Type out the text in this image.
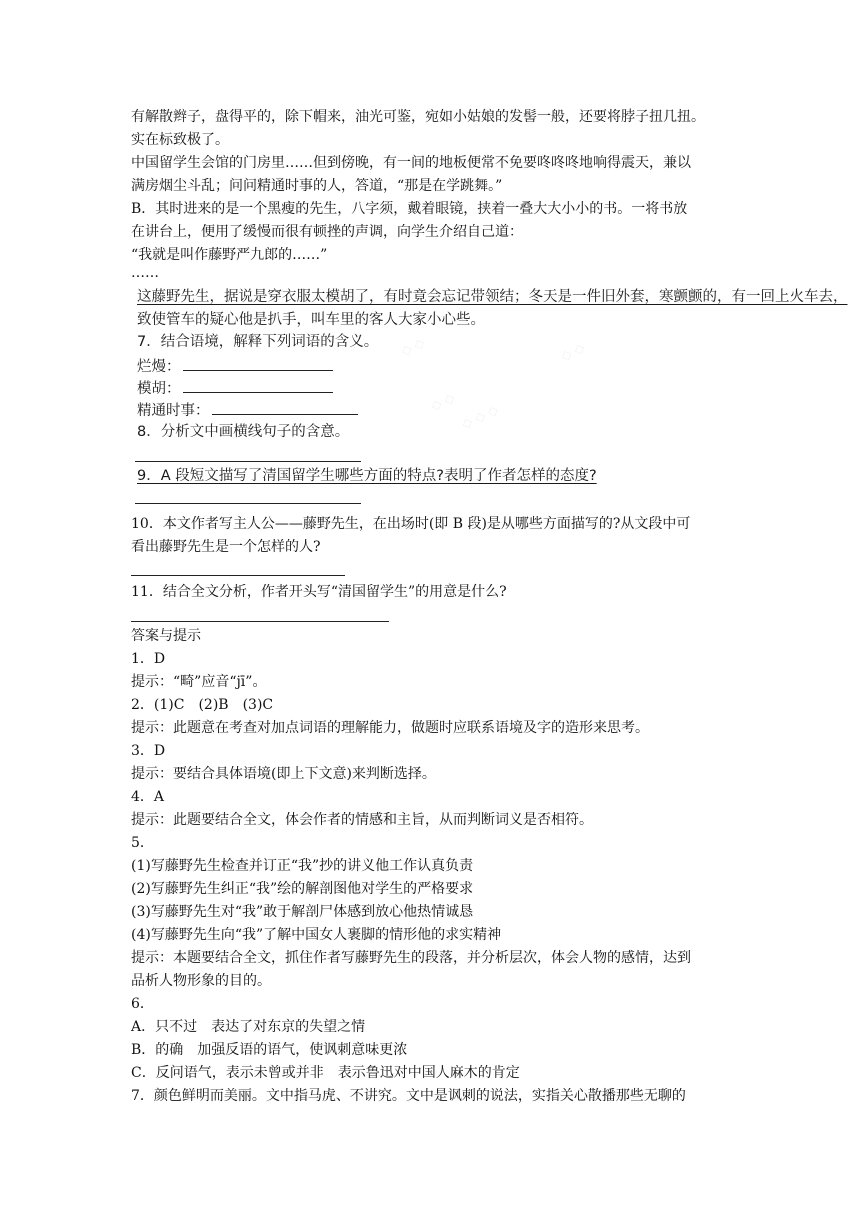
有解散辫子，盘得平的，除下帽来，油光可鉴，宛如小姑娘的发髻一般，还要将脖子扭几扭。
实在标致极了。
中国留学生会馆的门房里……但到傍晚，有一间的地板便常不免要咚咚咚地响得震天，兼以
满房烟尘斗乱；问问精通时事的人，答道，“那是在学跳舞。”
B．其时进来的是一个黑瘦的先生，八字须，戴着眼镜，挟着一叠大大小小的书。一将书放
在讲台上，便用了缓慢而很有顿挫的声调，向学生介绍自己道：
“我就是叫作藤野严九郎的……”
……
◇ ◇	◇ ◇
◇ ◇
◇ ◇ ◇
这藤野先生，据说是穿衣服太模胡了，有时竟会忘记带领结；冬天是一件旧外套，寒颤颤的，有一回上火车去，
致使管车的疑心他是扒手，叫车里的客人大家小心些。
7．结合语境，解释下列词语的含义。
烂熳：
模胡：
精通时事：
8．分析文中画横线句子的含意。
9．A 段短文描写了清国留学生哪些方面的特点?表明了作者怎样的态度?
10．本文作者写主人公——藤野先生，在出场时(即 B 段)是从哪些方面描写的?从文段中可
看出藤野先生是一个怎样的人?
11．结合全文分析，作者开头写“清国留学生”的用意是什么?
答案与提示
1．D
提示：“畸”应音“jī”。
2．(1)C　(2)B　(3)C
提示：此题意在考查对加点词语的理解能力，做题时应联系语境及字的造形来思考。
3．D
提示：要结合具体语境(即上下文意)来判断选择。
4．A
提示：此题要结合全文，体会作者的情感和主旨，从而判断词义是否相符。
5．
(1)写藤野先生检查并订正“我”抄的讲义他工作认真负责
(2)写藤野先生纠正“我”绘的解剖图他对学生的严格要求
(3)写藤野先生对“我”敢于解剖尸体感到放心他热情诚恳
(4)写藤野先生向“我”了解中国女人裹脚的情形他的求实精神
提示：本题要结合全文，抓住作者写藤野先生的段落，并分析层次，体会人物的感情，达到
品析人物形象的目的。
6．
A．只不过　表达了对东京的失望之情
B．的确　加强反语的语气，使讽刺意味更浓
C．反问语气，表示未曾或并非　表示鲁迅对中国人麻木的肯定
7．颜色鲜明而美丽。文中指马虎、不讲究。文中是讽刺的说法，实指关心散播那些无聊的
